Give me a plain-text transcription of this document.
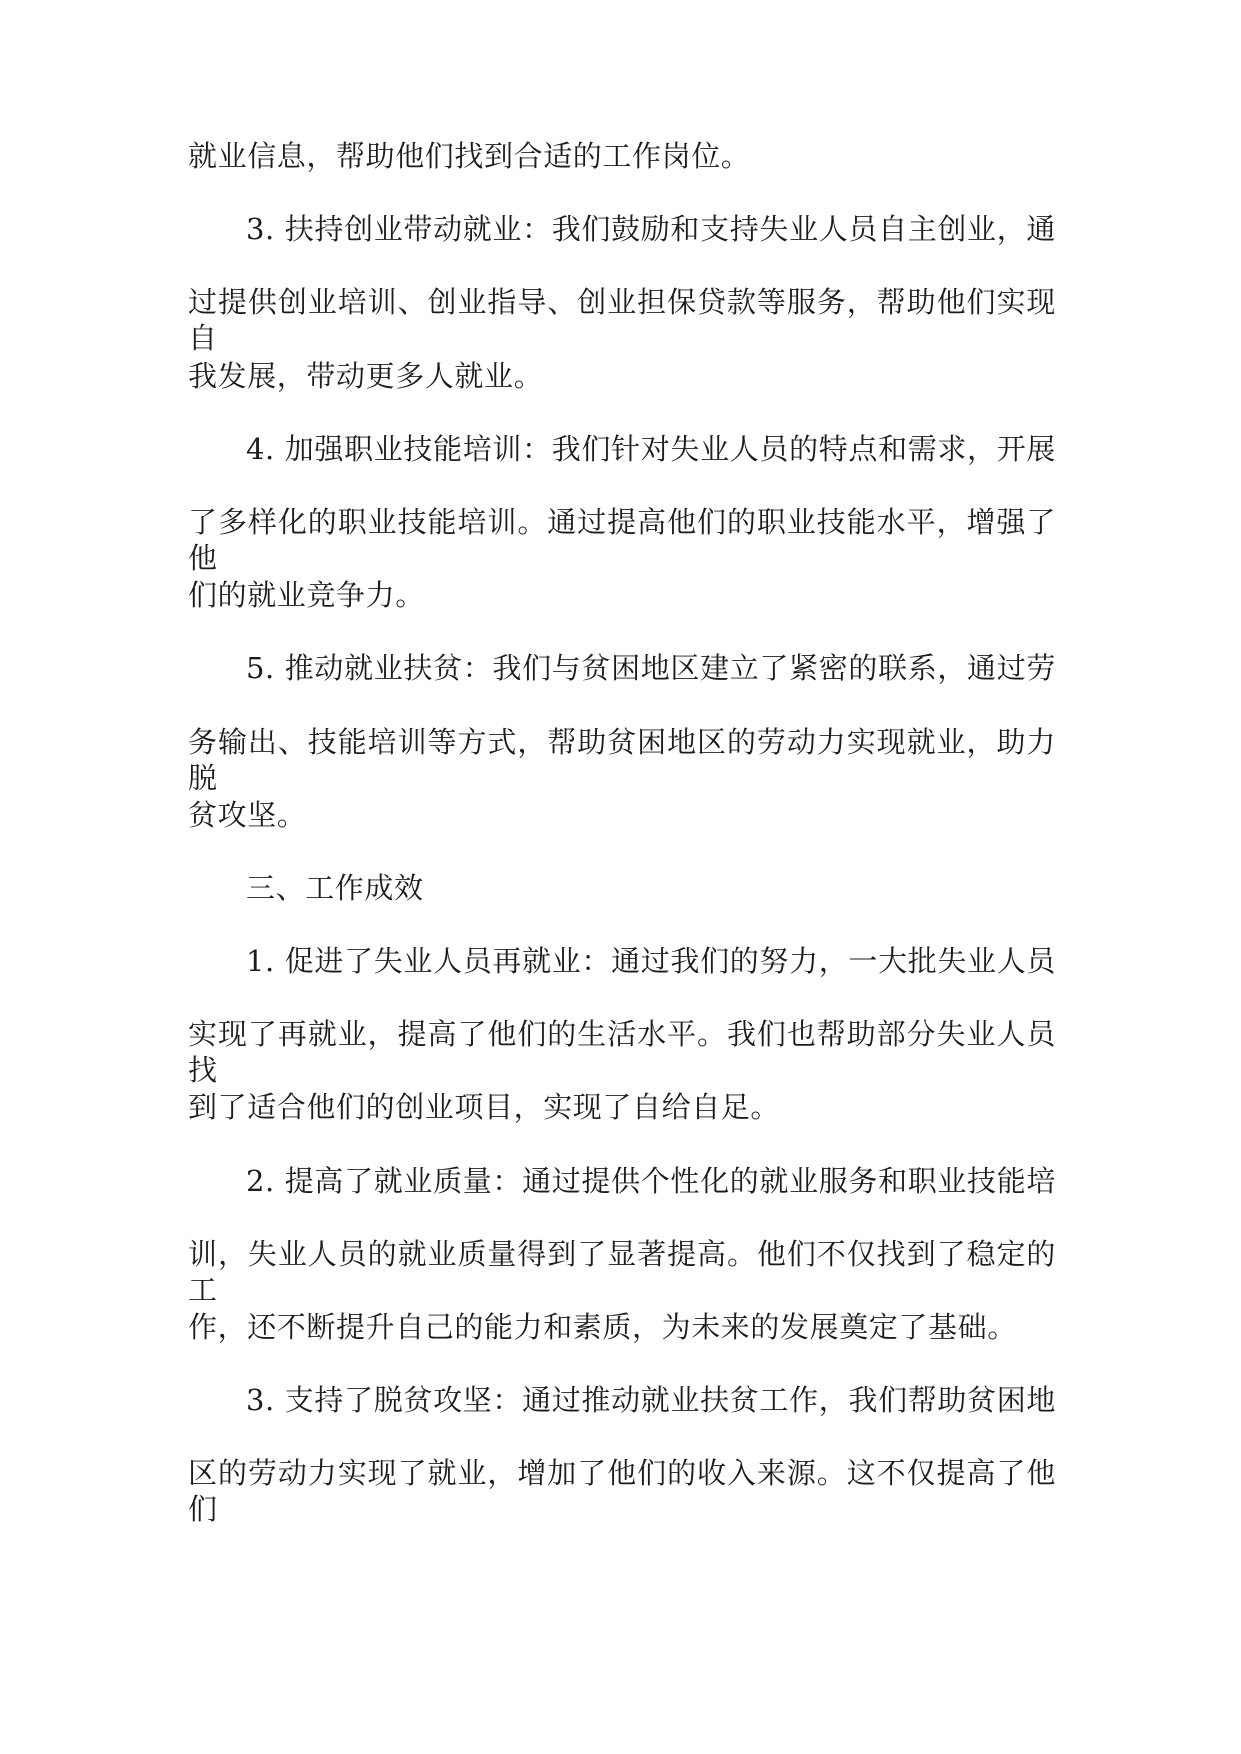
就业信息，帮助他们找到合适的工作岗位。
3. 扶持创业带动就业：我们鼓励和支持失业人员自主创业，通
过提供创业培训、创业指导、创业担保贷款等服务，帮助他们实现自
我发展，带动更多人就业。
4. 加强职业技能培训：我们针对失业人员的特点和需求，开展
了多样化的职业技能培训。通过提高他们的职业技能水平，增强了他
们的就业竞争力。
5. 推动就业扶贫：我们与贫困地区建立了紧密的联系，通过劳
务输出、技能培训等方式，帮助贫困地区的劳动力实现就业，助力脱
贫攻坚。
三、工作成效
1. 促进了失业人员再就业：通过我们的努力，一大批失业人员
实现了再就业，提高了他们的生活水平。我们也帮助部分失业人员找
到了适合他们的创业项目，实现了自给自足。
2. 提高了就业质量：通过提供个性化的就业服务和职业技能培
训，失业人员的就业质量得到了显著提高。他们不仅找到了稳定的工
作，还不断提升自己的能力和素质，为未来的发展奠定了基础。
3. 支持了脱贫攻坚：通过推动就业扶贫工作，我们帮助贫困地
区的劳动力实现了就业，增加了他们的收入来源。这不仅提高了他们
